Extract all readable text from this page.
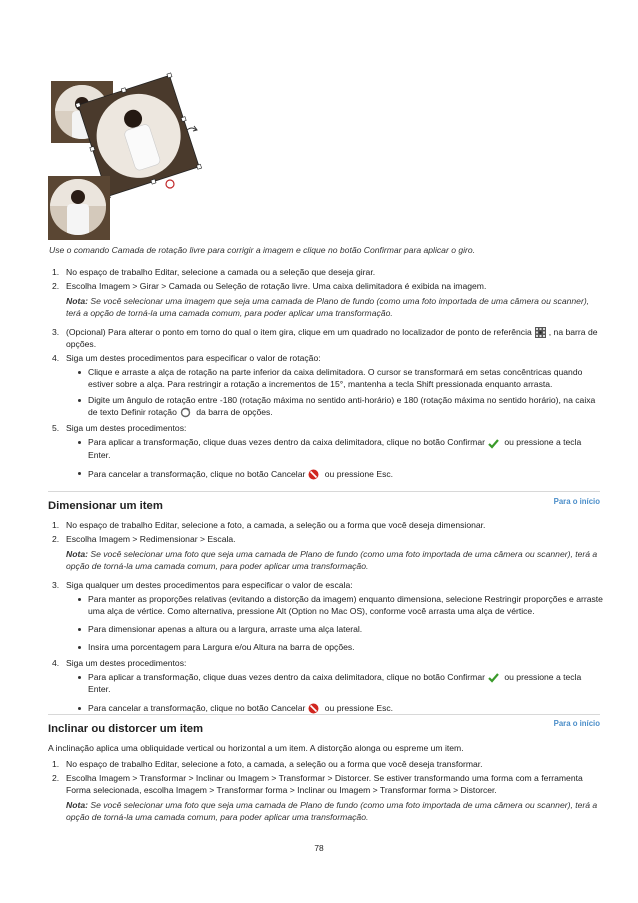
Use o comando Camada de rotação livre para corrigir a imagem e clique no botão Confirmar para aplicar o giro.
1. No espaço de trabalho Editar, selecione a camada ou a seleção que deseja girar.
2. Escolha Imagem > Girar > Camada ou Seleção de rotação livre. Uma caixa delimitadora é exibida na imagem.
Nota: Se você selecionar uma imagem que seja uma camada de Plano de fundo (como uma foto importada de uma câmera ou scanner), terá a opção de torná-la uma camada comum, para poder aplicar uma transformação.
3. (Opcional) Para alterar o ponto em torno do qual o item gira, clique em um quadrado no localizador de ponto de referência , na barra de opções.
4. Siga um destes procedimentos para especificar o valor de rotação:
Clique e arraste a alça de rotação na parte inferior da caixa delimitadora. O cursor se transformará em setas concêntricas quando estiver sobre a alça. Para restringir a rotação a incrementos de 15°, mantenha a tecla Shift pressionada enquanto arrasta.
Digite um ângulo de rotação entre -180 (rotação máxima no sentido anti-horário) e 180 (rotação máxima no sentido horário), na caixa de texto Definir rotação da barra de opções.
5. Siga um destes procedimentos:
Para aplicar a transformação, clique duas vezes dentro da caixa delimitadora, clique no botão Confirmar ou pressione a tecla Enter.
Para cancelar a transformação, clique no botão Cancelar ou pressione Esc.
Para o início
Dimensionar um item
1. No espaço de trabalho Editar, selecione a foto, a camada, a seleção ou a forma que você deseja dimensionar.
2. Escolha Imagem > Redimensionar > Escala.
Nota: Se você selecionar uma foto que seja uma camada de Plano de fundo (como uma foto importada de uma câmera ou scanner), terá a opção de torná-la uma camada comum, para poder aplicar uma transformação.
3. Siga qualquer um destes procedimentos para especificar o valor de escala:
Para manter as proporções relativas (evitando a distorção da imagem) enquanto dimensiona, selecione Restringir proporções e arraste uma alça de vértice. Como alternativa, pressione Alt (Option no Mac OS), conforme você arrasta uma alça de vértice.
Para dimensionar apenas a altura ou a largura, arraste uma alça lateral.
Insira uma porcentagem para Largura e/ou Altura na barra de opções.
4. Siga um destes procedimentos:
Para aplicar a transformação, clique duas vezes dentro da caixa delimitadora, clique no botão Confirmar ou pressione a tecla Enter.
Para cancelar a transformação, clique no botão Cancelar ou pressione Esc.
Para o início
Inclinar ou distorcer um item
A inclinação aplica uma obliquidade vertical ou horizontal a um item. A distorção alonga ou espreme um item.
1. No espaço de trabalho Editar, selecione a foto, a camada, a seleção ou a forma que você deseja transformar.
2. Escolha Imagem > Transformar > Inclinar ou Imagem > Transformar > Distorcer. Se estiver transformando uma forma com a ferramenta Forma selecionada, escolha Imagem > Transformar forma > Inclinar ou Imagem > Transformar forma > Distorcer.
Nota: Se você selecionar uma foto que seja uma camada de Plano de fundo (como uma foto importada de uma câmera ou scanner), terá a opção de torná-la uma camada comum, para poder aplicar uma transformação.
78
